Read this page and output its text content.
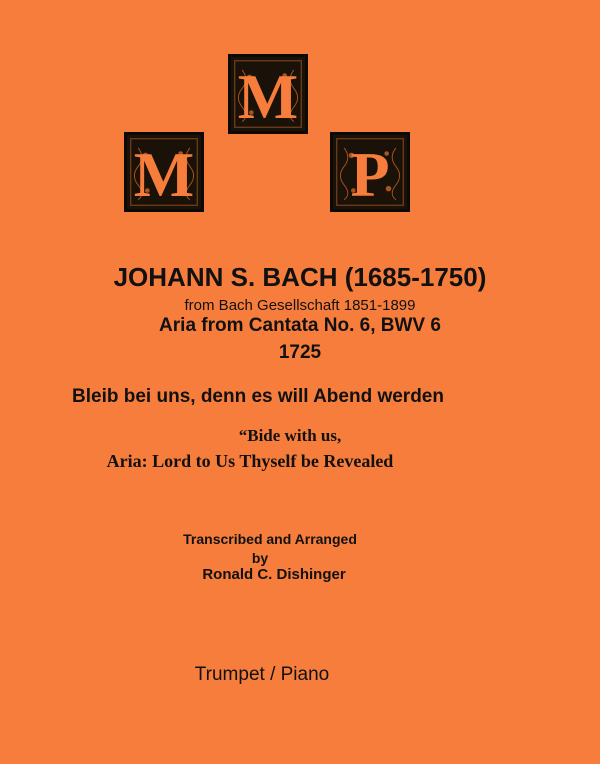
M
M
P
JOHANN S. BACH (1685-1750)
from Bach Gesellschaft 1851-1899
Aria from Cantata No. 6, BWV 6
1725
Bleib bei uns, denn es will Abend werden
“Bide with us,
Aria: Lord to Us Thyself be Revealed
Transcribed and Arranged
by
Ronald C. Dishinger
Trumpet / Piano
